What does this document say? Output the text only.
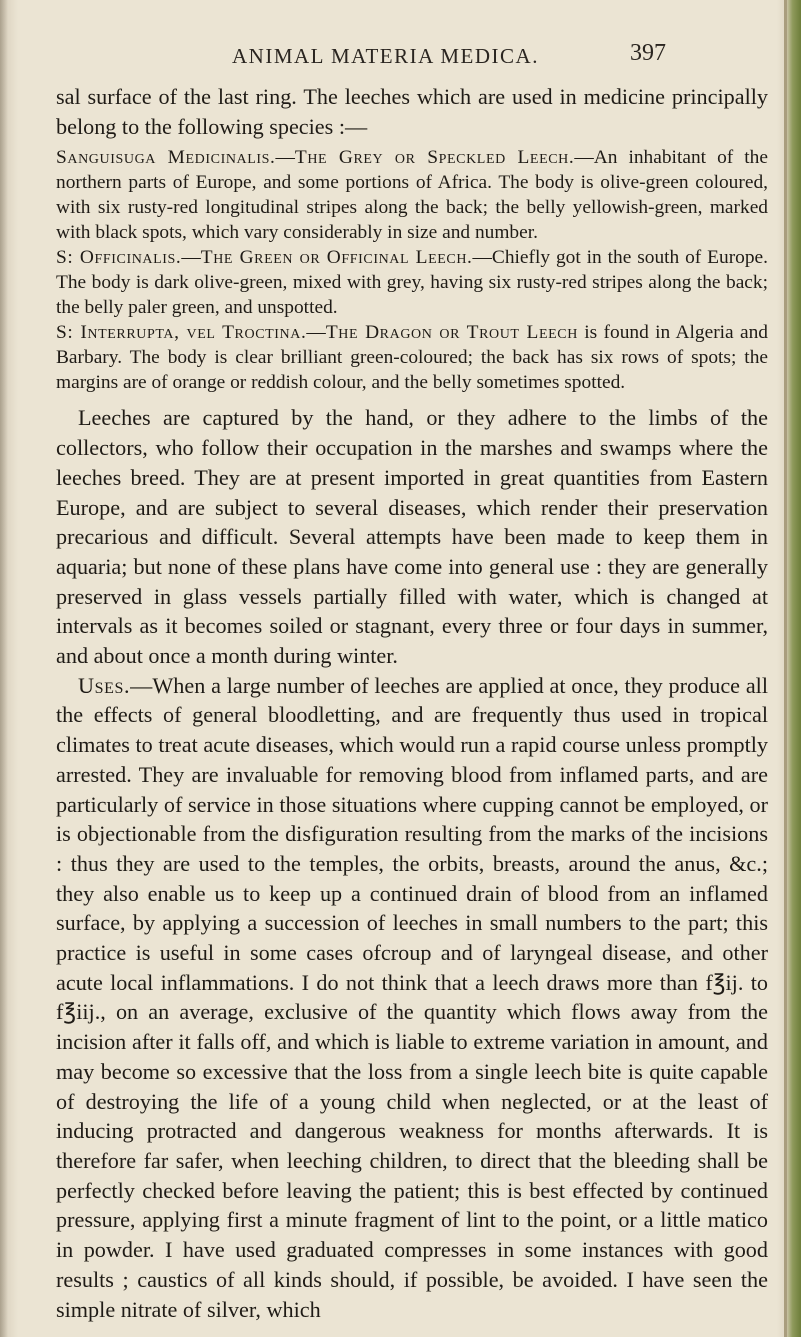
ANIMAL MATERIA MEDICA.	397

sal surface of the last ring. The leeches which are used in medicine principally belong to the following species :—

Sanguisuga Medicinalis.—The Grey or Speckled Leech.—An inhabitant of the northern parts of Europe, and some portions of Africa. The body is olive-green coloured, with six rusty-red longitudinal stripes along the back; the belly yellowish-green, marked with black spots, which vary considerably in size and number.

S: Officinalis.—The Green or Officinal Leech.—Chiefly got in the south of Europe. The body is dark olive-green, mixed with grey, having six rusty-red stripes along the back; the belly paler green, and unspotted.

S: Interrupta, vel Troctina.—The Dragon or Trout Leech is found in Algeria and Barbary. The body is clear brilliant green-coloured; the back has six rows of spots; the margins are of orange or reddish colour, and the belly sometimes spotted.

Leeches are captured by the hand, or they adhere to the limbs of the collectors, who follow their occupation in the marshes and swamps where the leeches breed. They are at present imported in great quantities from Eastern Europe, and are subject to several diseases, which render their preservation precarious and difficult. Several attempts have been made to keep them in aquaria; but none of these plans have come into general use : they are generally preserved in glass vessels partially filled with water, which is changed at intervals as it becomes soiled or stagnant, every three or four days in summer, and about once a month during winter.

Uses.—When a large number of leeches are applied at once, they produce all the effects of general bloodletting, and are frequently thus used in tropical climates to treat acute diseases, which would run a rapid course unless promptly arrested. They are invaluable for removing blood from inflamed parts, and are particularly of service in those situations where cupping cannot be employed, or is objectionable from the disfiguration resulting from the marks of the incisions : thus they are used to the temples, the orbits, breasts, around the anus, &c.; they also enable us to keep up a continued drain of blood from an inflamed surface, by applying a succession of leeches in small numbers to the part; this practice is useful in some cases ofcroup and of laryngeal disease, and other acute local inflammations. I do not think that a leech draws more than f℥ij. to f℥iij., on an average, exclusive of the quantity which flows away from the incision after it falls off, and which is liable to extreme variation in amount, and may become so excessive that the loss from a single leech bite is quite capable of destroying the life of a young child when neglected, or at the least of inducing protracted and dangerous weakness for months afterwards. It is therefore far safer, when leeching children, to direct that the bleeding shall be perfectly checked before leaving the patient; this is best effected by continued pressure, applying first a minute fragment of lint to the point, or a little matico in powder. I have used graduated compresses in some instances with good results ; caustics of all kinds should, if possible, be avoided. I have seen the simple nitrate of silver, which
